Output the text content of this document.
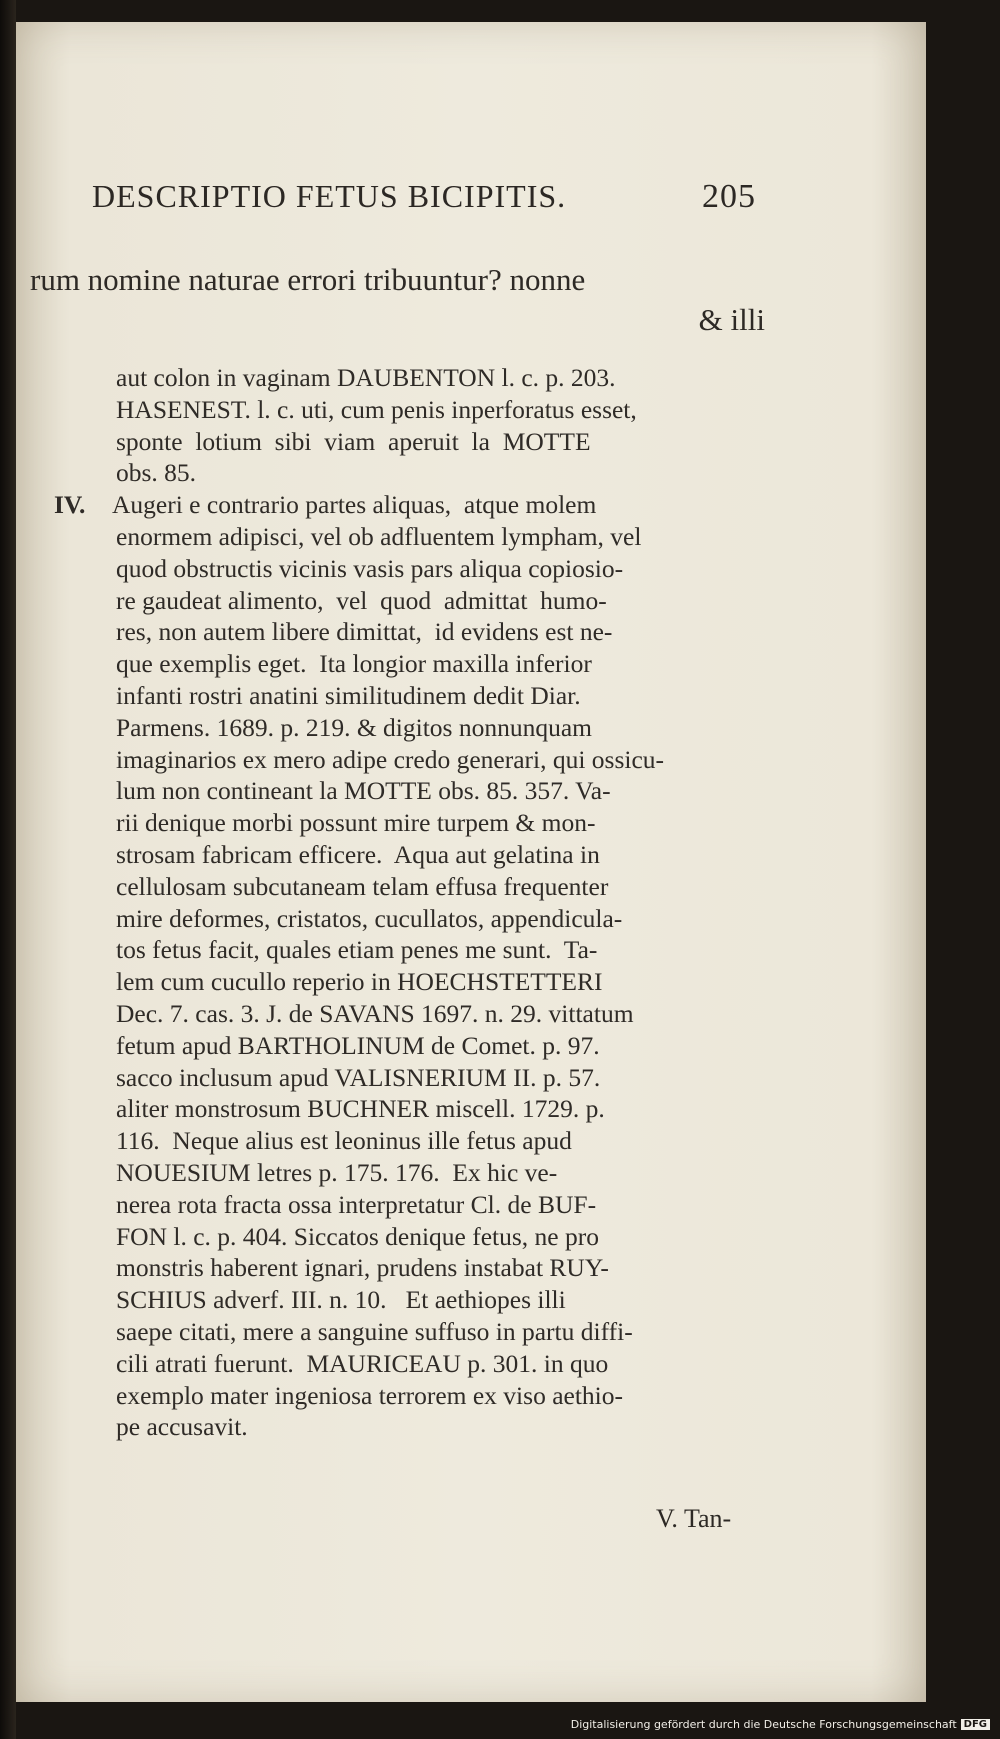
DESCRIPTIO FETUS BICIPITIS.	205
rum nomine naturae errori tribuuntur? nonne
& illi
aut colon in vaginam DAUBENTON l. c. p. 203.
HASENEST. l. c. uti, cum penis inperforatus esset,
sponte  lotium  sibi  viam  aperuit  la  MOTTE
obs. 85.
IV. Augeri e contrario partes aliquas,  atque molem
enormem adipisci, vel ob adfluentem lympham, vel
quod obstructis vicinis vasis pars aliqua copiosio-
re gaudeat alimento,  vel  quod  admittat  humo-
res, non autem libere dimittat,  id evidens est ne-
que exemplis eget.  Ita longior maxilla inferior
infanti rostri anatini similitudinem dedit Diar.
Parmens. 1689. p. 219. & digitos nonnunquam
imaginarios ex mero adipe credo generari, qui ossicu-
lum non contineant la MOTTE obs. 85. 357. Va-
rii denique morbi possunt mire turpem & mon-
strosam fabricam efficere.  Aqua aut gelatina in
cellulosam subcutaneam telam effusa frequenter
mire deformes, cristatos, cucullatos, appendicula-
tos fetus facit, quales etiam penes me sunt.  Ta-
lem cum cucullo reperio in HOECHSTETTERI
Dec. 7. cas. 3. J. de SAVANS 1697. n. 29. vittatum
fetum apud BARTHOLINUM de Comet. p. 97.
sacco inclusum apud VALISNERIUM II. p. 57.
aliter monstrosum BUCHNER miscell. 1729. p.
116.  Neque alius est leoninus ille fetus apud
NOUESIUM letres p. 175. 176.  Ex hic ve-
nerea rota fracta ossa interpretatur Cl. de BUF-
FON l. c. p. 404. Siccatos denique fetus, ne pro
monstris haberent ignari, prudens instabat RUY-
SCHIUS adverf. III. n. 10.   Et aethiopes illi
saepe citati, mere a sanguine suffuso in partu diffi-
cili atrati fuerunt.  MAURICEAU p. 301. in quo
exemplo mater ingeniosa terrorem ex viso aethio-
pe accusavit.
V. Tan-
Digitalisierung gefördert durch die Deutsche Forschungsgemeinschaft DFG
